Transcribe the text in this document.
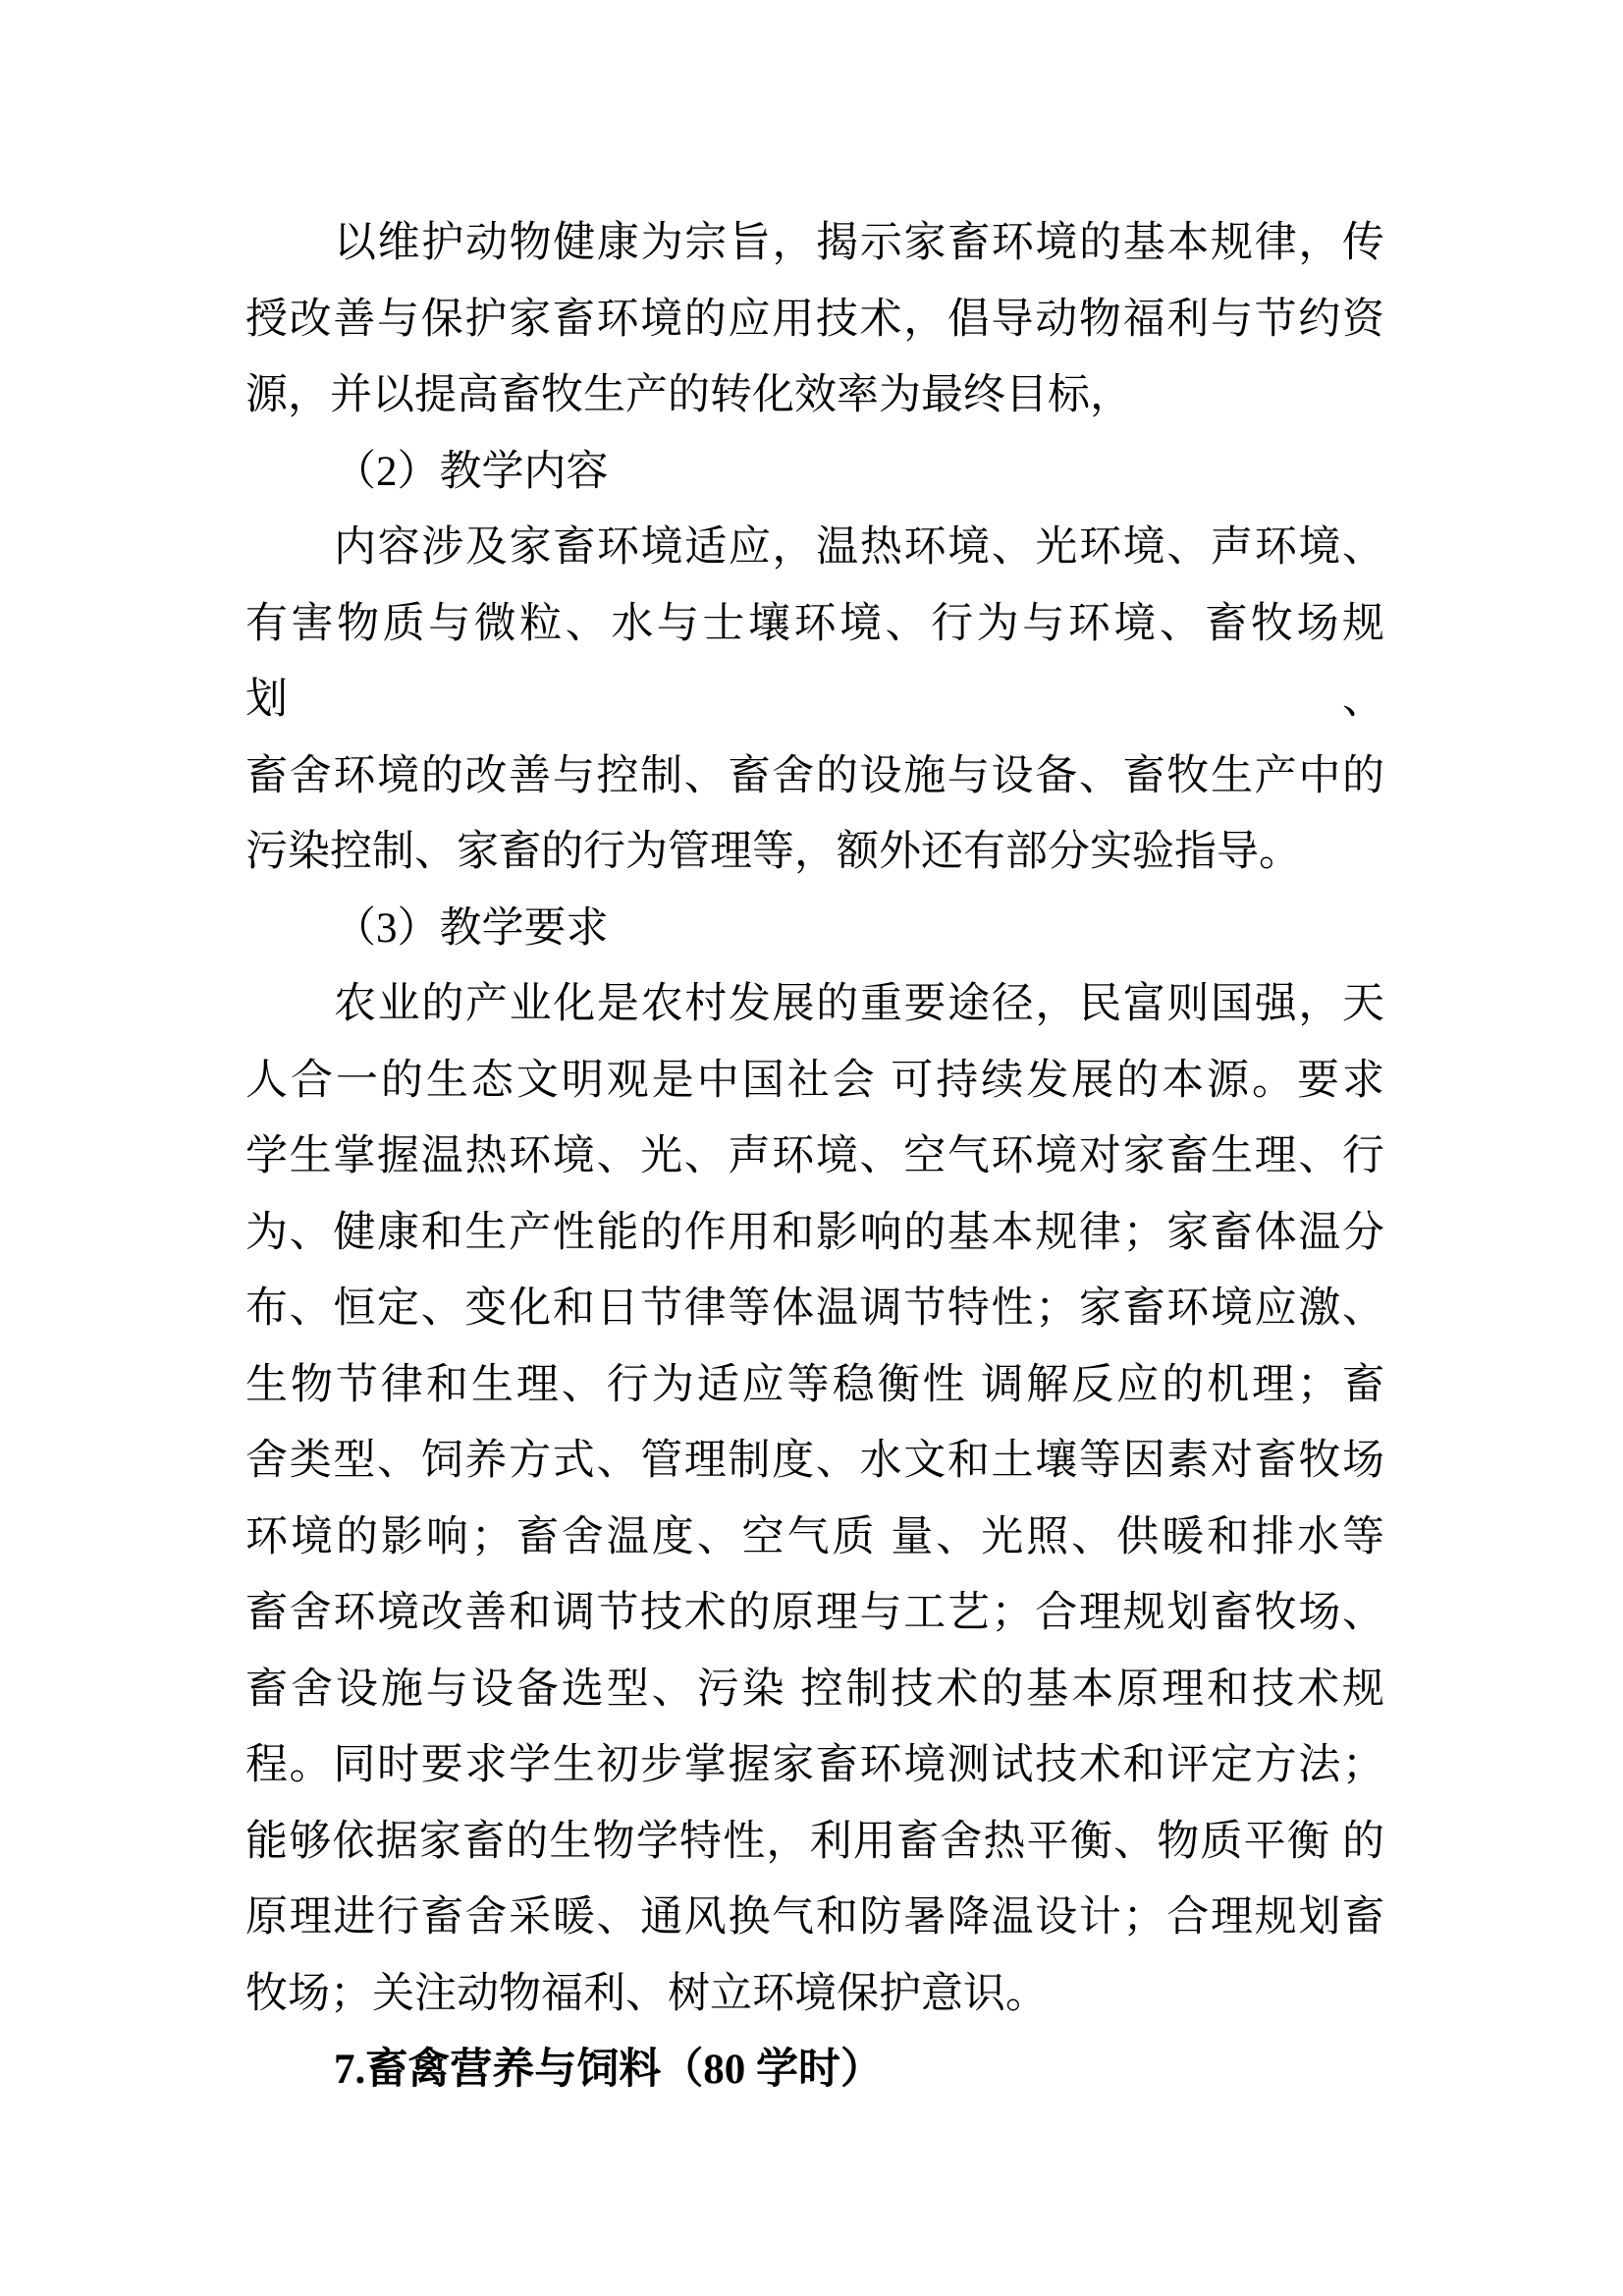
以维护动物健康为宗旨，揭示家畜环境的基本规律，传
授改善与保护家畜环境的应用技术，倡导动物福利与节约资
源，并以提高畜牧生产的转化效率为最终目标，
（2）教学内容
内容涉及家畜环境适应，温热环境、光环境、声环境、
有害物质与微粒、水与士壤环境、行为与环境、畜牧场规划、
畜舍环境的改善与控制、畜舍的设施与设备、畜牧生产中的
污染控制、家畜的行为管理等，额外还有部分实验指导。
（3）教学要求
农业的产业化是农村发展的重要途径，民富则国强，天
人合一的生态文明观是中国社会 可持续发展的本源。要求
学生掌握温热环境、光、声环境、空气环境对家畜生理、行
为、健康和生产性能的作用和影响的基本规律；家畜体温分
布、恒定、变化和日节律等体温调节特性；家畜环境应激、
生物节律和生理、行为适应等稳衡性 调解反应的机理；畜
舍类型、饲养方式、管理制度、水文和土壤等因素对畜牧场
环境的影响；畜舍温度、空气质 量、光照、供暖和排水等
畜舍环境改善和调节技术的原理与工艺；合理规划畜牧场、
畜舍设施与设备选型、污染 控制技术的基本原理和技术规
程。同时要求学生初步掌握家畜环境测试技术和评定方法；
能够依据家畜的生物学特性，利用畜舍热平衡、物质平衡 的
原理进行畜舍采暖、通风换气和防暑降温设计；合理规划畜
牧场；关注动物福利、树立环境保护意识。
7.畜禽营养与饲料（80 学时）
